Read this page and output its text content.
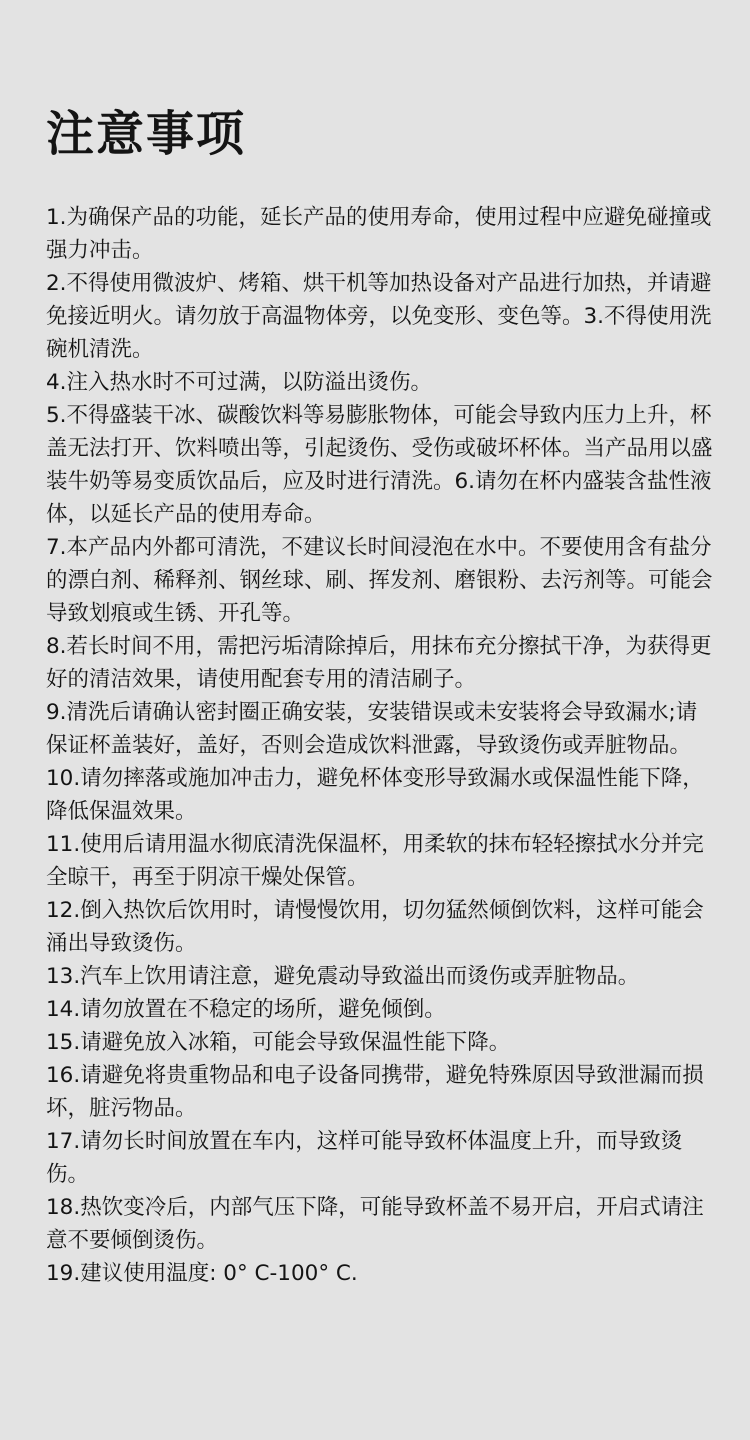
注意事项
1.为确保产品的功能，延长产品的使用寿命，使用过程中应避免碰撞或强力冲击。
2.不得使用微波炉、烤箱、烘干机等加热设备对产品进行加热，并请避免接近明火。请勿放于高温物体旁，以免变形、变色等。3.不得使用洗碗机清洗。
4.注入热水时不可过满，以防溢出烫伤。
5.不得盛装干冰、碳酸饮料等易膨胀物体，可能会导致内压力上升，杯盖无法打开、饮料喷出等，引起烫伤、受伤或破坏杯体。当产品用以盛装牛奶等易变质饮品后，应及时进行清洗。6.请勿在杯内盛装含盐性液体，以延长产品的使用寿命。
7.本产品内外都可清洗，不建议长时间浸泡在水中。不要使用含有盐分的漂白剂、稀释剂、钢丝球、刷、挥发剂、磨银粉、去污剂等。可能会导致划痕或生锈、开孔等。
8.若长时间不用，需把污垢清除掉后，用抹布充分擦拭干净，为获得更好的清洁效果，请使用配套专用的清洁刷子。
9.清洗后请确认密封圈正确安装，安装错误或未安装将会导致漏水;请保证杯盖装好，盖好，否则会造成饮料泄露，导致烫伤或弄脏物品。
10.请勿摔落或施加冲击力，避免杯体变形导致漏水或保温性能下降，降低保温效果。
11.使用后请用温水彻底清洗保温杯，用柔软的抹布轻轻擦拭水分并完全晾干，再至于阴凉干燥处保管。
12.倒入热饮后饮用时，请慢慢饮用，切勿猛然倾倒饮料，这样可能会涌出导致烫伤。
13.汽车上饮用请注意，避免震动导致溢出而烫伤或弄脏物品。
14.请勿放置在不稳定的场所，避免倾倒。
15.请避免放入冰箱，可能会导致保温性能下降。
16.请避免将贵重物品和电子设备同携带，避免特殊原因导致泄漏而损坏，脏污物品。
17.请勿长时间放置在车内，这样可能导致杯体温度上升，而导致烫伤。
18.热饮变冷后，内部气压下降，可能导致杯盖不易开启，开启式请注意不要倾倒烫伤。
19.建议使用温度: 0° C-100° C.
